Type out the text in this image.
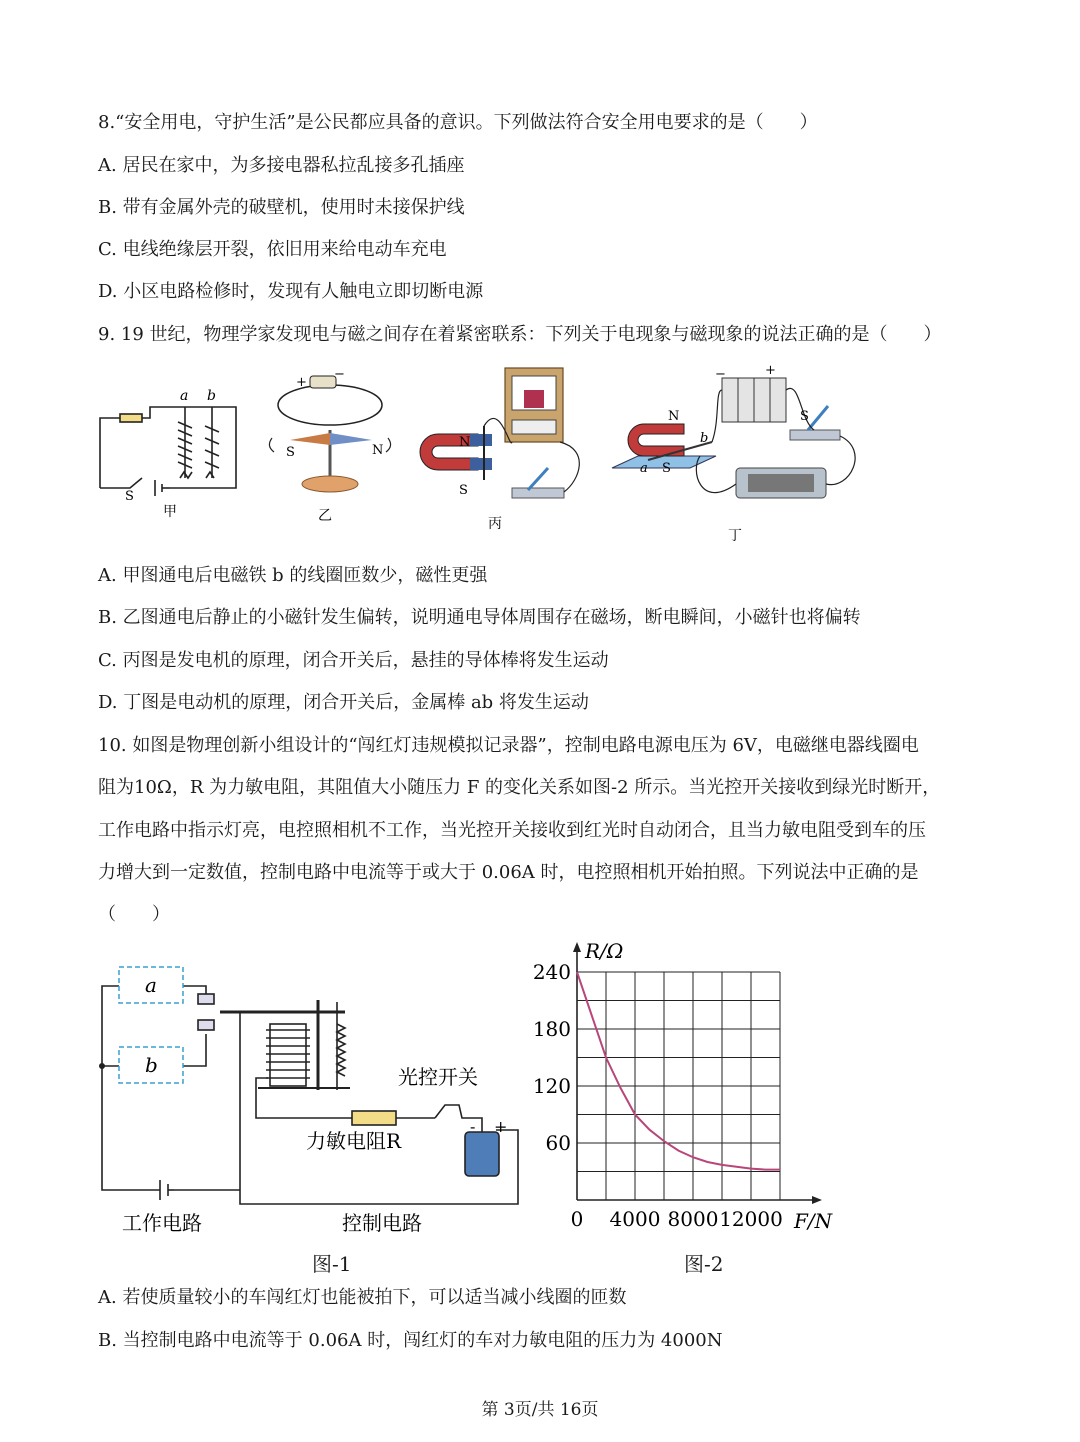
8.“安全用电，守护生活”是公民都应具备的意识。下列做法符合安全用电要求的是（　　）
A. 居民在家中，为多接电器私拉乱接多孔插座
B. 带有金属外壳的破壁机，使用时未接保护线
C. 电线绝缘层开裂，依旧用来给电动车充电
D. 小区电路检修时，发现有人触电立即切断电源
9. 19 世纪，物理学家发现电与磁之间存在着紧密联系：下列关于电现象与磁现象的说法正确的是（　　）
a b
S
甲
+
−
S	N
乙
N
S
丙
N
S
b
a
−	+
S
丁
A. 甲图通电后电磁铁 b 的线圈匝数少，磁性更强
B. 乙图通电后静止的小磁针发生偏转，说明通电导体周围存在磁场，断电瞬间，小磁针也将偏转
C. 丙图是发电机的原理，闭合开关后，悬挂的导体棒将发生运动
D. 丁图是电动机的原理，闭合开关后，金属棒 ab 将发生运动
10. 如图是物理创新小组设计的“闯红灯违规模拟记录器”，控制电路电源电压为 6V，电磁继电器线圈电
阻为10Ω，R 为力敏电阻，其阻值大小随压力 F 的变化关系如图-2 所示。当光控开关接收到绿光时断开，
工作电路中指示灯亮，电控照相机不工作，当光控开关接收到红光时自动闭合，且当力敏电阻受到车的压
力增大到一定数值，控制电路中电流等于或大于 0.06A 时，电控照相机开始拍照。下列说法中正确的是
（　　）
a
b	光控开关
力敏电阻R
- +
工作电路	控制电路
图-1
0 4000 8000 12000
60
120
180
240
F/N
R/Ω
图-2
A. 若使质量较小的车闯红灯也能被拍下，可以适当减小线圈的匝数
B. 当控制电路中电流等于 0.06A 时，闯红灯的车对力敏电阻的压力为 4000N
第 3页/共 16页
